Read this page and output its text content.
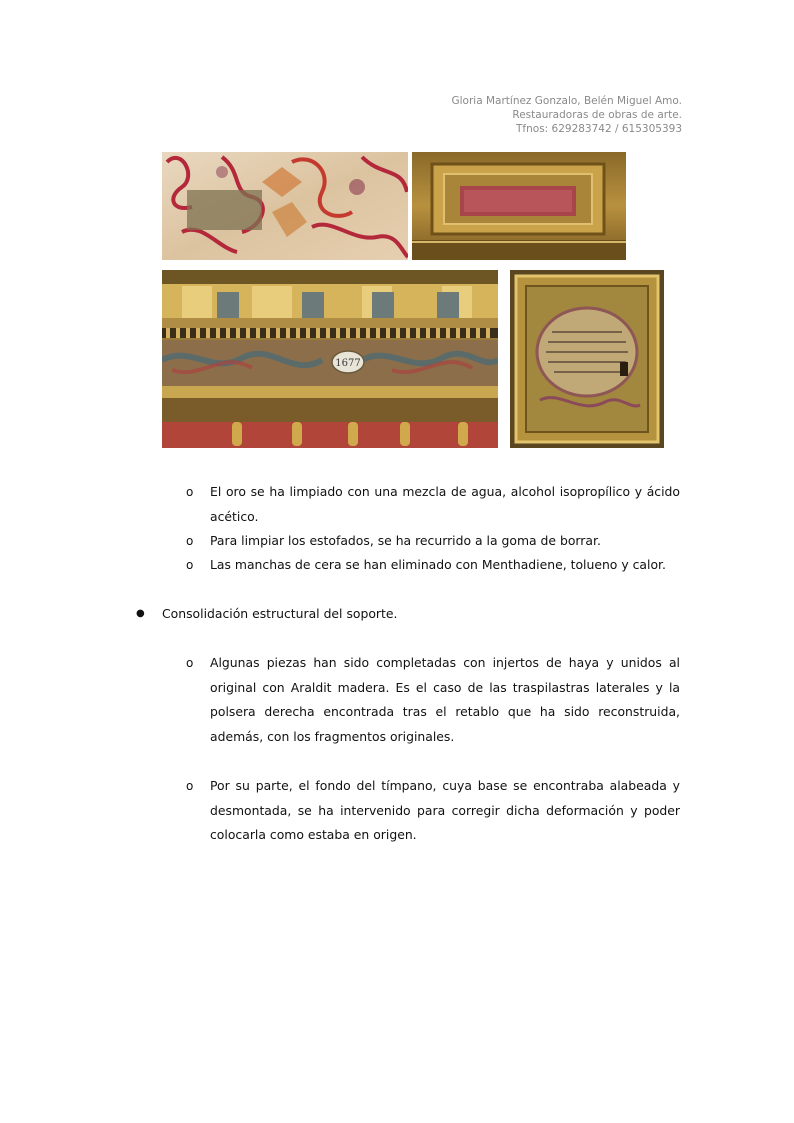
Gloria Martínez Gonzalo, Belén Miguel Amo.
Restauradoras de obras de arte.
Tfnos: 629283742 / 615305393
1677
o El oro se ha limpiado con una mezcla de agua, alcohol isopropílico y ácido acético.
o Para limpiar los estofados, se ha recurrido a la goma de borrar.
o Las manchas de cera se han eliminado con Menthadiene, tolueno y calor.
● Consolidación estructural del soporte.
o Algunas piezas han sido completadas con injertos de haya y unidos al original con Araldit madera. Es el caso de las traspilastras laterales y la polsera derecha encontrada tras el retablo que ha sido reconstruida, además, con los fragmentos originales.
o Por su parte, el fondo del tímpano, cuya base se encontraba alabeada y desmontada, se ha intervenido para corregir dicha deformación y poder colocarla como estaba en origen.
